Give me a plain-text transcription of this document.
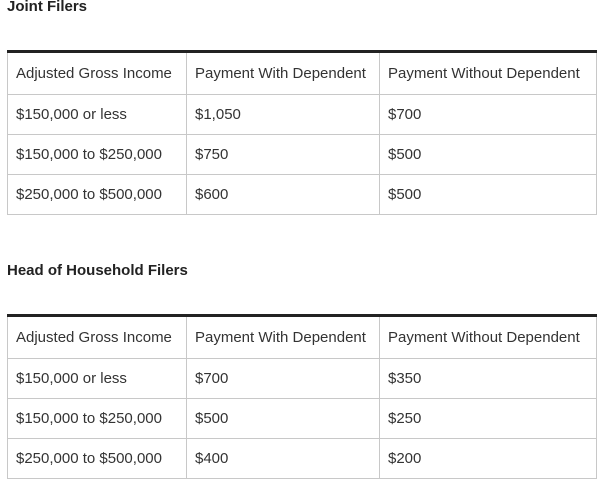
Joint Filers
Adjusted Gross Income	Payment With Dependent	Payment Without Dependent
$150,000 or less	$1,050	$700
$150,000 to $250,000	$750	$500
$250,000 to $500,000	$600	$500
Head of Household Filers
Adjusted Gross Income	Payment With Dependent	Payment Without Dependent
$150,000 or less	$700	$350
$150,000 to $250,000	$500	$250
$250,000 to $500,000	$400	$200
